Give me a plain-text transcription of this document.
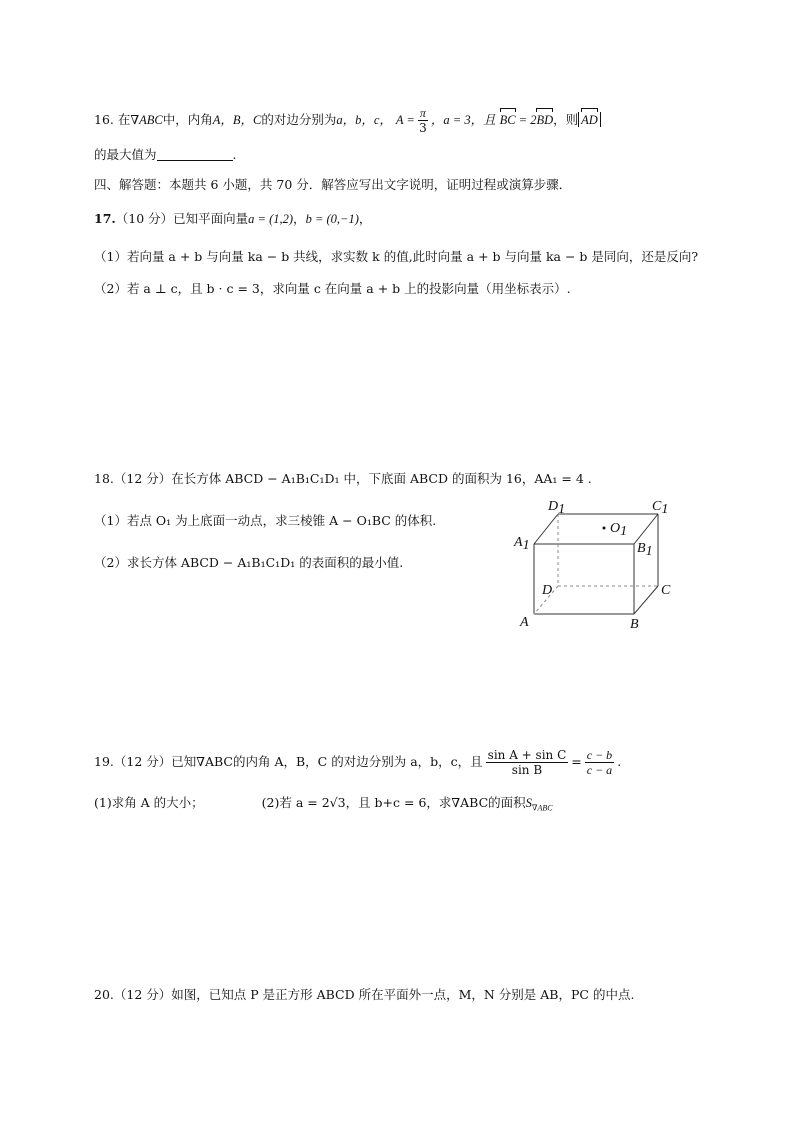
16. 在∇ABC中，内角A，B，C的对边分别为a，b，c， $A = \frac{\pi}{3}$ ，a = 3，且 BC = 2BD，则 AD
的最大值为	.
四、解答题：本题共 6 小题，共 70 分．解答应写出文字说明，证明过程或演算步骤．
17.（10 分）已知平面向量a = (1,2)，b = (0,−1)，
（1）若向量 a + b 与向量 ka − b 共线，求实数 k 的值,此时向量 a + b 与向量 ka − b 是同向，还是反向?
（2）若 a ⊥ c，且 b · c = 3，求向量 c 在向量 a + b 上的投影向量（用坐标表示）.
18.（12 分）在长方体 ABCD − A₁B₁C₁D₁ 中，下底面 ABCD 的面积为 16，AA₁ = 4 .
（1）若点 O₁ 为上底面一动点，求三棱锥 A − O₁BC 的体积.
（2）求长方体 ABCD − A₁B₁C₁D₁ 的表面积的最小值.
D1	C1
O1
A1	B1
D	C
A	B
19.（12 分）已知∇ABC的内角 A，B，C 的对边分别为 a，b，c，且 $\frac{\text{sin A + sin C}}{\text{sin B}} = \frac{c - b}{c - a}$ .
(1)求角 A 的大小；	(2)若 a = 2√3，且 b+c = 6，求∇ABC的面积$S_{\nabla ABC}$
20.（12 分）如图，已知点 P 是正方形 ABCD 所在平面外一点，M，N 分别是 AB，PC 的中点.
